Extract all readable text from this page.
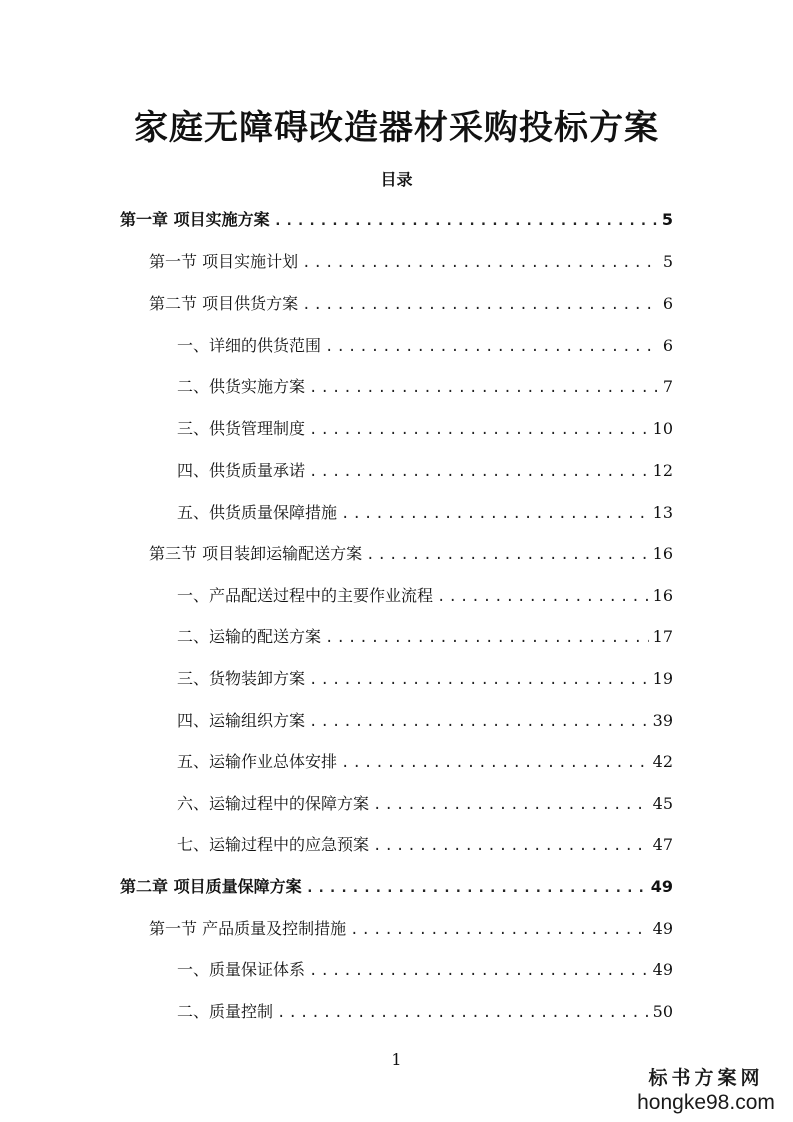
家庭无障碍改造器材采购投标方案
目录
第一章 项目实施方案 .....	5
第一节 项目实施计划 .....	5
第二节 项目供货方案 .....	6
一、详细的供货范围 .....	6
二、供货实施方案 .....	7
三、供货管理制度 .....	10
四、供货质量承诺 .....	12
五、供货质量保障措施 .....	13
第三节 项目装卸运输配送方案 .....	16
一、产品配送过程中的主要作业流程 .....	16
二、运输的配送方案 .....	17
三、货物装卸方案 .....	19
四、运输组织方案 .....	39
五、运输作业总体安排 .....	42
六、运输过程中的保障方案 .....	45
七、运输过程中的应急预案 .....	47
第二章 项目质量保障方案 .....	49
第一节 产品质量及控制措施 .....	49
一、质量保证体系 .....	49
二、质量控制 .....	50
1
标书方案网
hongke98.com
